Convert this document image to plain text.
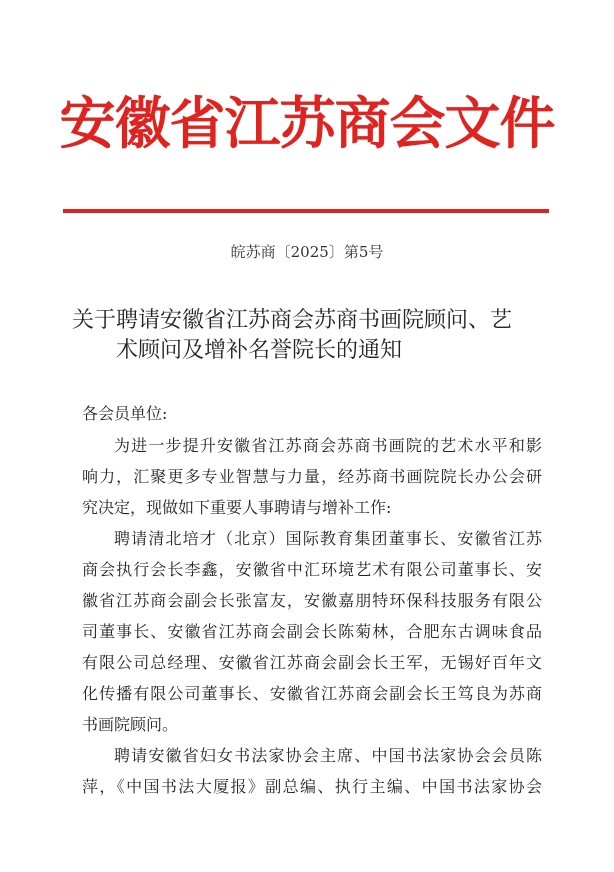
安徽省江苏商会文件
皖苏商〔2025〕第5号
关于聘请安徽省江苏商会苏商书画院顾问、艺
术顾问及增补名誉院长的通知

各会员单位:

为进一步提升安徽省江苏商会苏商书画院的艺术水平和影
响力，汇聚更多专业智慧与力量，经苏商书画院院长办公会研
究决定，现做如下重要人事聘请与增补工作:

聘请清北培才（北京）国际教育集团董事长、安徽省江苏
商会执行会长李鑫，安徽省中汇环境艺术有限公司董事长、安
徽省江苏商会副会长张富友，安徽嘉朋特环保科技服务有限公
司董事长、安徽省江苏商会副会长陈菊林，合肥东古调味食品
有限公司总经理、安徽省江苏商会副会长王军，无锡好百年文
化传播有限公司董事长、安徽省江苏商会副会长王笃良为苏商
书画院顾问。

聘请安徽省妇女书法家协会主席、中国书法家协会会员陈
萍，《中国书法大厦报》副总编、执行主编、中国书法家协会
